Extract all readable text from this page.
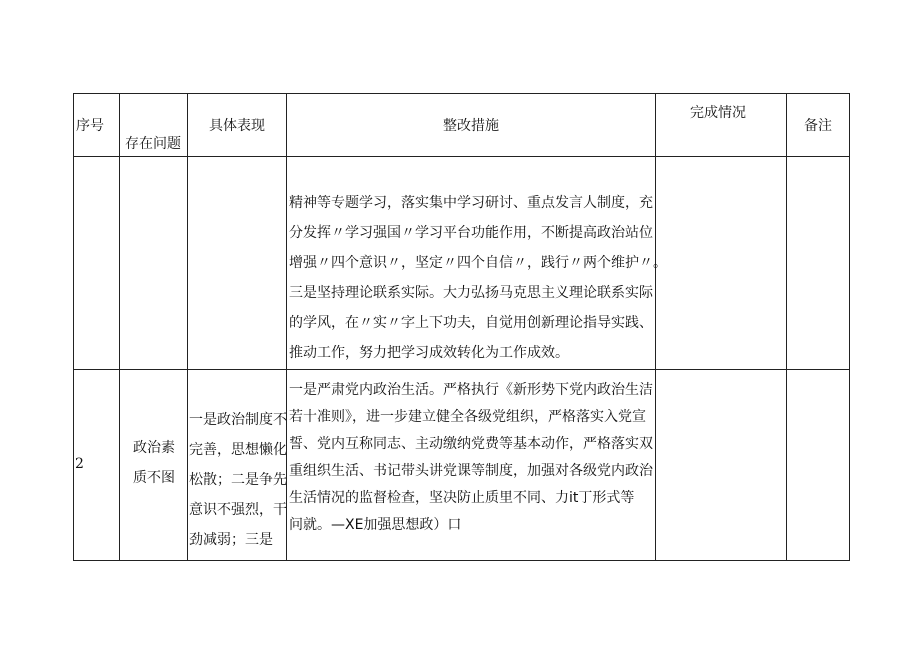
序号
存在问题
具体表现	整改措施
完成情况
备注
精神等专题学习，落实集中学习研讨、重点发言人制度，充
分发挥〃学习强国〃学习平台功能作用，不断提高政治站位
增强〃四个意识〃，坚定〃四个自信〃，践行〃两个维护〃。
三是坚持理论联系实际。大力弘扬马克思主义理论联系实际
的学风，在〃实〃字上下功夫，自觉用创新理论指导实践、
推动工作，努力把学习成效转化为工作成效。
2
政治素
质不图
一是政治制度不
完善，思想懒化
松散；二是争先
意识不强烈，干
劲减弱；三是
一是严肃党内政治生活。严格执行《新形势下党内政治生洁
若十准则》，进一步建立健全各级党组织，严格落实入党宣
誓、党内互称同志、主动缴纳党费等基本动作，严格落实双
重组织生活、书记带头讲党课等制度，加强对各级党内政治
生活情况的监督检查，坚决防止质里不同、力it丁形式等
问就。—XE加强思想政）口
